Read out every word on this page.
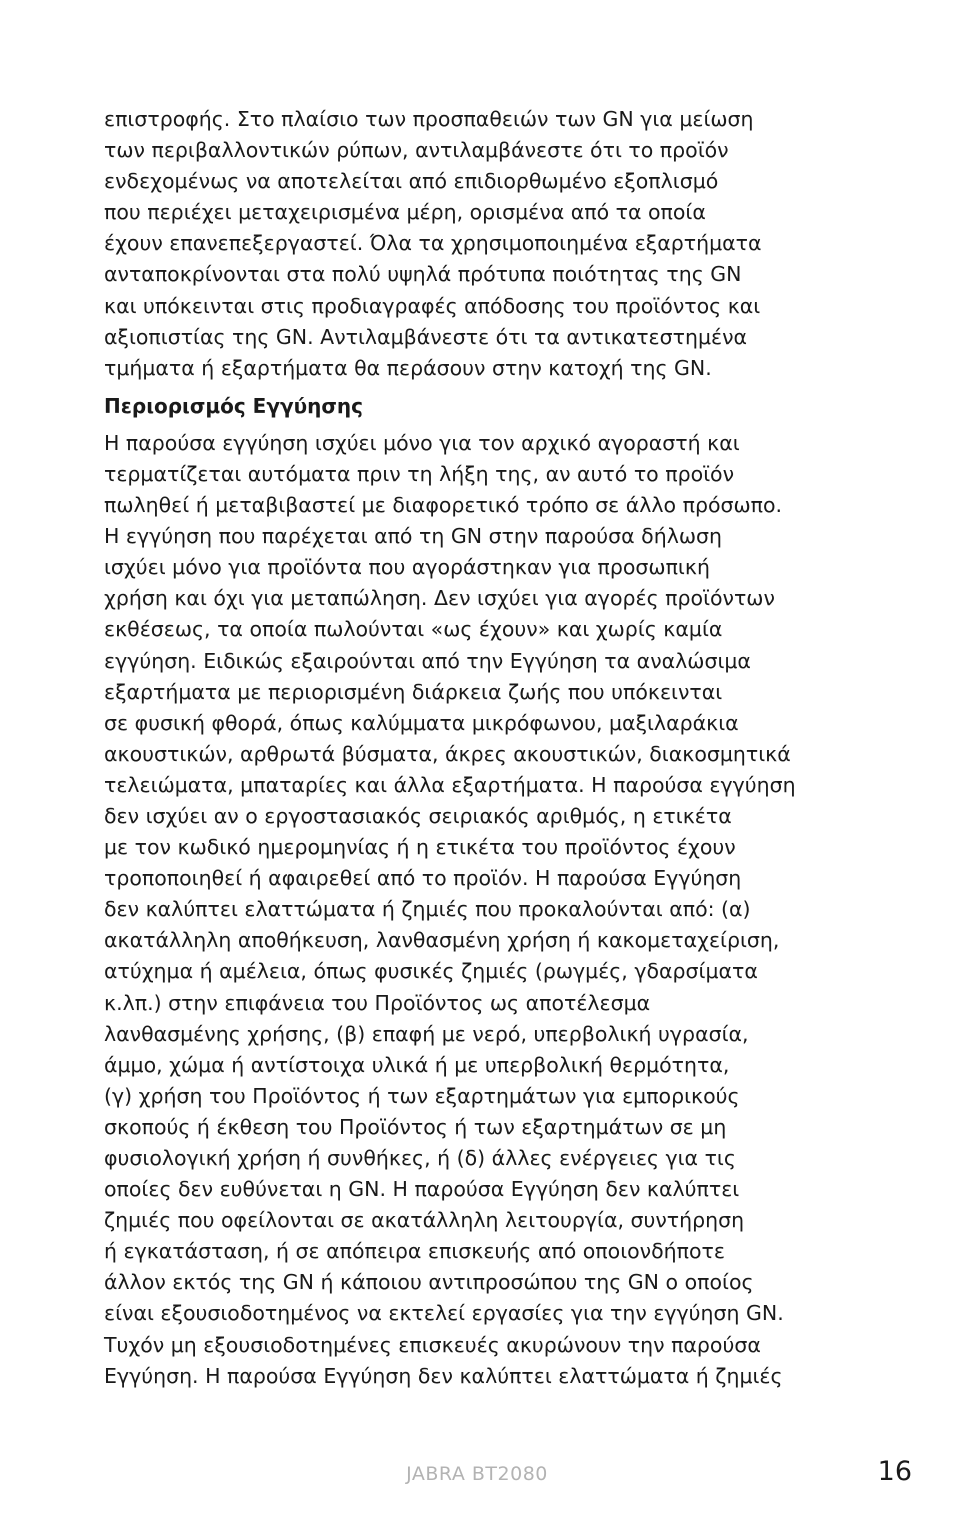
επιστροφής. Στο πλαίσιο των προσπαθειών των GN για μείωση
των περιβαλλοντικών ρύπων, αντιλαμβάνεστε ότι το προϊόν
ενδεχομένως να αποτελείται από επιδιορθωμένο εξοπλισμό
που περιέχει μεταχειρισμένα μέρη, ορισμένα από τα οποία
έχουν επανεπεξεργαστεί. Όλα τα χρησιμοποιημένα εξαρτήματα
ανταποκρίνονται στα πολύ υψηλά πρότυπα ποιότητας της GN
και υπόκεινται στις προδιαγραφές απόδοσης του προϊόντος και
αξιοπιστίας της GN. Αντιλαμβάνεστε ότι τα αντικατεστημένα
τμήματα ή εξαρτήματα θα περάσουν στην κατοχή της GN.

Περιορισμός Εγγύησης

Η παρούσα εγγύηση ισχύει μόνο για τον αρχικό αγοραστή και
τερματίζεται αυτόματα πριν τη λήξη της, αν αυτό το προϊόν
πωληθεί ή μεταβιβαστεί με διαφορετικό τρόπο σε άλλο πρόσωπο.
Η εγγύηση που παρέχεται από τη GN στην παρούσα δήλωση
ισχύει μόνο για προϊόντα που αγοράστηκαν για προσωπική
χρήση και όχι για μεταπώληση. Δεν ισχύει για αγορές προϊόντων
εκθέσεως, τα οποία πωλούνται «ως έχουν» και χωρίς καμία
εγγύηση. Ειδικώς εξαιρούνται από την Εγγύηση τα αναλώσιμα
εξαρτήματα με περιορισμένη διάρκεια ζωής που υπόκεινται
σε φυσική φθορά, όπως καλύμματα μικρόφωνου, μαξιλαράκια
ακουστικών, αρθρωτά βύσματα, άκρες ακουστικών, διακοσμητικά
τελειώματα, μπαταρίες και άλλα εξαρτήματα. Η παρούσα εγγύηση
δεν ισχύει αν ο εργοστασιακός σειριακός αριθμός, η ετικέτα
με τον κωδικό ημερομηνίας ή η ετικέτα του προϊόντος έχουν
τροποποιηθεί ή αφαιρεθεί από το προϊόν. Η παρούσα Εγγύηση
δεν καλύπτει ελαττώματα ή ζημιές που προκαλούνται από: (α)
ακατάλληλη αποθήκευση, λανθασμένη χρήση ή κακομεταχείριση,
ατύχημα ή αμέλεια, όπως φυσικές ζημιές (ρωγμές, γδαρσίματα
κ.λπ.) στην επιφάνεια του Προϊόντος ως αποτέλεσμα
λανθασμένης χρήσης, (β) επαφή με νερό, υπερβολική υγρασία,
άμμο, χώμα ή αντίστοιχα υλικά ή με υπερβολική θερμότητα,
(γ) χρήση του Προϊόντος ή των εξαρτημάτων για εμπορικούς
σκοπούς ή έκθεση του Προϊόντος ή των εξαρτημάτων σε μη
φυσιολογική χρήση ή συνθήκες, ή (δ) άλλες ενέργειες για τις
οποίες δεν ευθύνεται η GN. Η παρούσα Εγγύηση δεν καλύπτει
ζημιές που οφείλονται σε ακατάλληλη λειτουργία, συντήρηση
ή εγκατάσταση, ή σε απόπειρα επισκευής από οποιονδήποτε
άλλον εκτός της GN ή κάποιου αντιπροσώπου της GN ο οποίος
είναι εξουσιοδοτημένος να εκτελεί εργασίες για την εγγύηση GN.
Τυχόν μη εξουσιοδοτημένες επισκευές ακυρώνουν την παρούσα
Εγγύηση. Η παρούσα Εγγύηση δεν καλύπτει ελαττώματα ή ζημιές

JABRA BT2080	16
